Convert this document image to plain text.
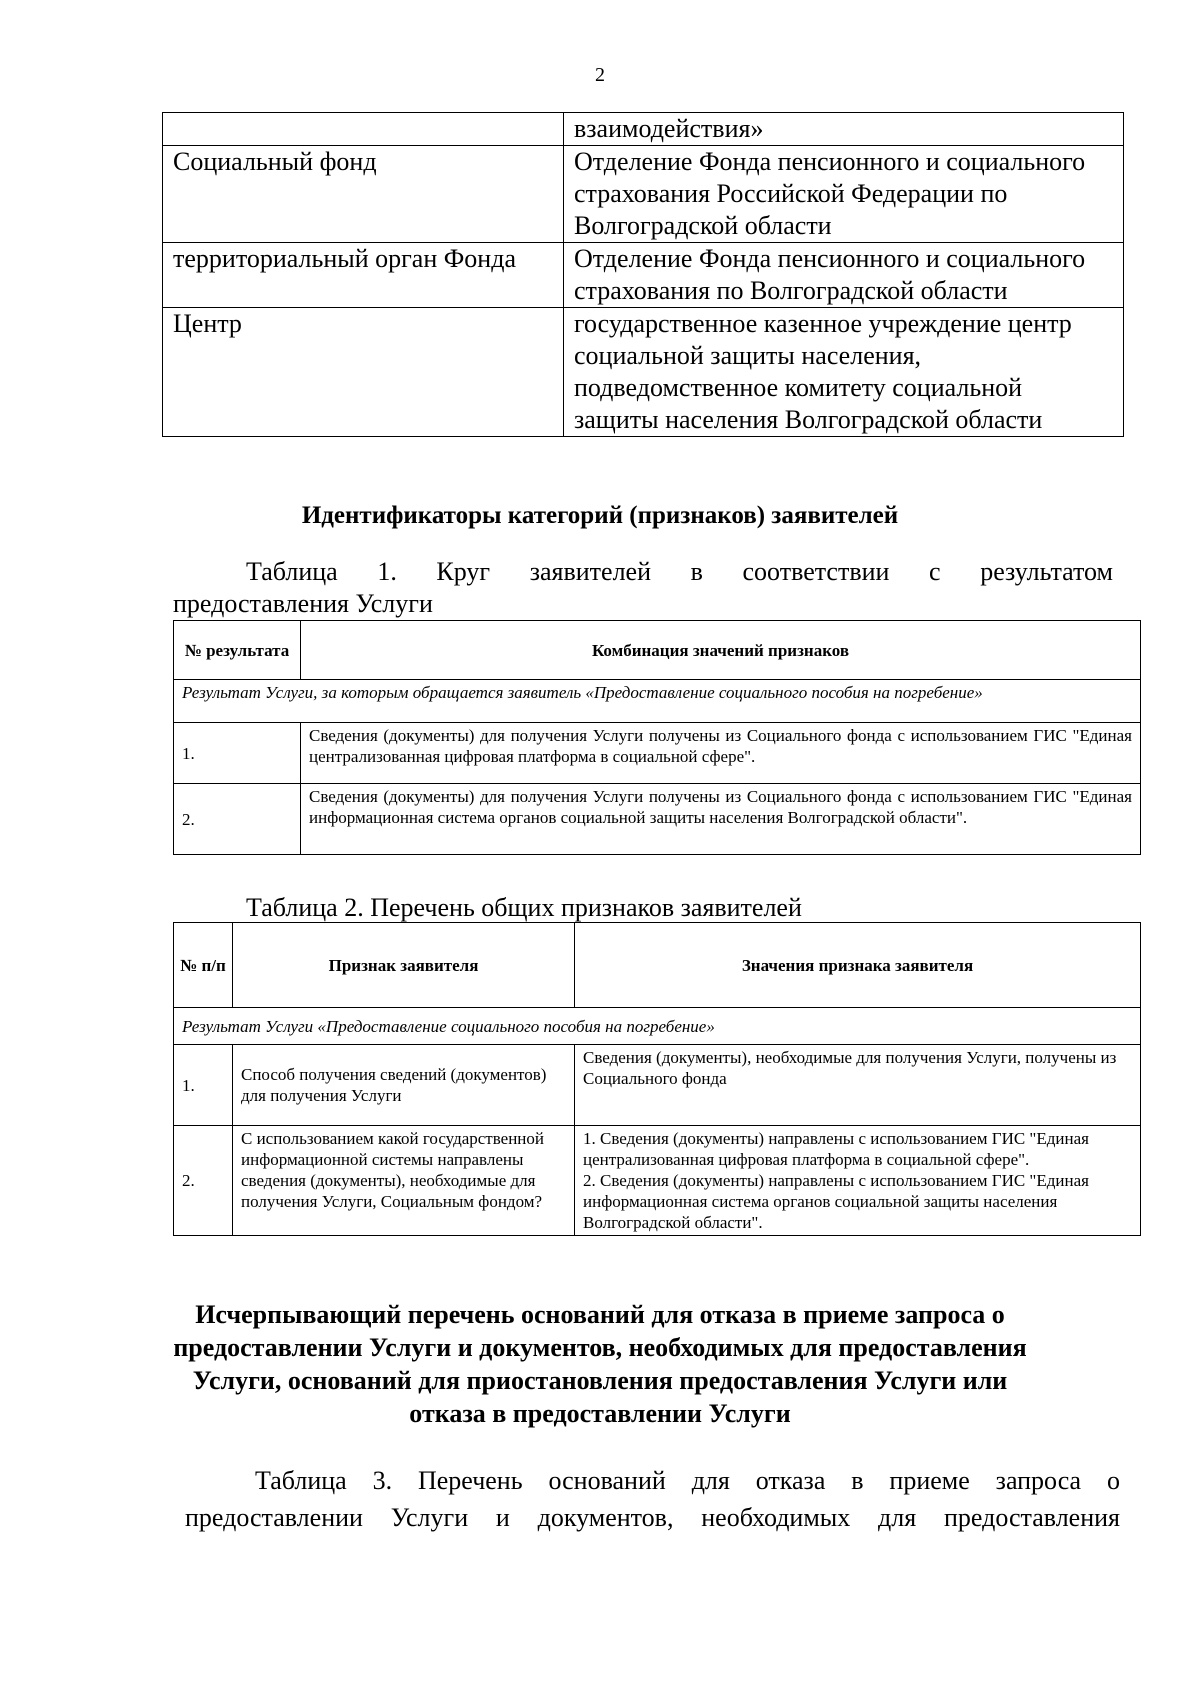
2
	взаимодействия»
Социальный фонд	Отделение Фонда пенсионного и социального страхования Российской Федерации по Волгоградской области
территориальный орган Фонда	Отделение Фонда пенсионного и социального страхования по Волгоградской области
Центр	государственное казенное учреждение центр социальной защиты населения, подведомственное комитету социальной защиты населения Волгоградской области
Идентификаторы категорий (признаков) заявителей
Таблица 1. Круг заявителей в соответствии с результатом
предоставления Услуги
№ результата	Комбинация значений признаков
Результат Услуги, за которым обращается заявитель «Предоставление социального пособия на погребение»	
1.	Сведения (документы) для получения Услуги получены из Социального фонда с использованием ГИС "Единая централизованная цифровая платформа в социальной сфере".
2.	Сведения (документы) для получения Услуги получены из Социального фонда с использованием ГИС "Единая информационная система органов социальной защиты населения Волгоградской области".
Таблица 2. Перечень общих признаков заявителей
№ п/п	Признак заявителя	Значения признака заявителя
Результат Услуги «Предоставление социального пособия на погребение»		
1.	Способ получения сведений (документов) для получения Услуги	Сведения (документы), необходимые для получения Услуги, получены из Социального фонда
2.	С использованием какой государственной информационной системы направлены сведения (документы), необходимые для получения Услуги, Социальным фондом?	1. Сведения (документы) направлены с использованием ГИС "Единая централизованная цифровая платформа в социальной сфере".
2. Сведения (документы) направлены с использованием ГИС "Единая информационная система органов социальной защиты населения Волгоградской области".
Исчерпывающий перечень оснований для отказа в приеме запроса о
предоставлении Услуги и документов, необходимых для предоставления
Услуги, оснований для приостановления предоставления Услуги или
отказа в предоставлении Услуги
Таблица 3. Перечень оснований для отказа в приеме запроса о
предоставлении Услуги и документов, необходимых для предоставления
